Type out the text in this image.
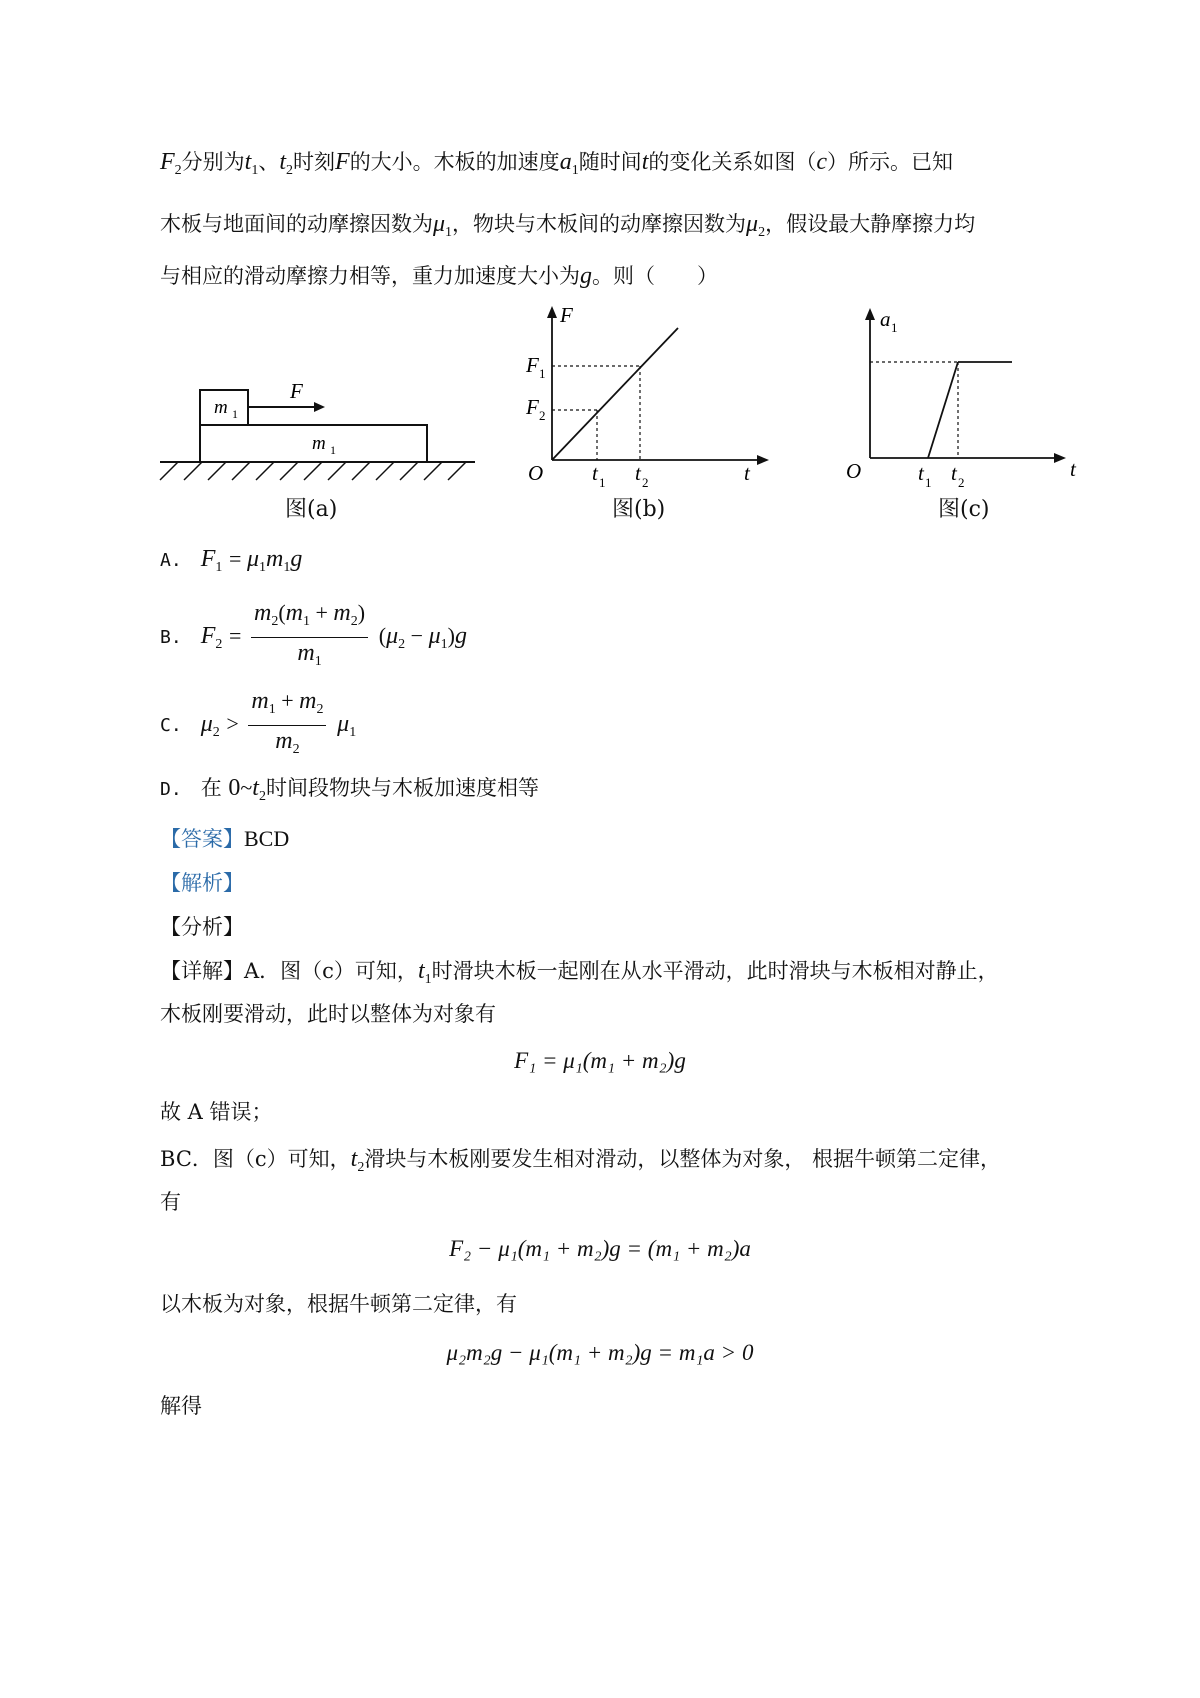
$F_2$分别为$t_1$、$t_2$时刻F的大小。木板的加速度$a_1$随时间t的变化关系如图（c）所示。已知
木板与地面间的动摩擦因数为$\mu_1$，物块与木板间的动摩擦因数为$\mu_2$，假设最大静摩擦力均
与相应的滑动摩擦力相等，重力加速度大小为g。则（　　）
m 1
m 1
F
图(a)
F
F 1
F 2
O t 1 t 2	t
图(b)
a 1
O	t 1 t 2
t
图(c)
A. $F_1 = \mu_1m_1g$
B. $F_2 = \frac{m_2(m_1 + m_2)}{m_1} (\mu_2 - \mu_1)g$
C. $\mu_2 > \frac{m_1 + m_2}{m_2} \mu_1$
D. 在 $0\sim t_2$时间段物块与木板加速度相等
【答案】BCD
【解析】
【分析】
【详解】A．图（c）可知，$t_1$时滑块木板一起刚在从水平滑动，此时滑块与木板相对静止，
木板刚要滑动，此时以整体为对象有
F₁ = μ₁(m₁ + m₂)g
故 A 错误；
BC．图（c）可知，$t_2$滑块与木板刚要发生相对滑动，以整体为对象， 根据牛顿第二定律，
有
F₂ − μ₁(m₁ + m₂)g = (m₁ + m₂)a
以木板为对象，根据牛顿第二定律，有
μ₂m₂g − μ₁(m₁ + m₂)g = m₁a > 0
解得
